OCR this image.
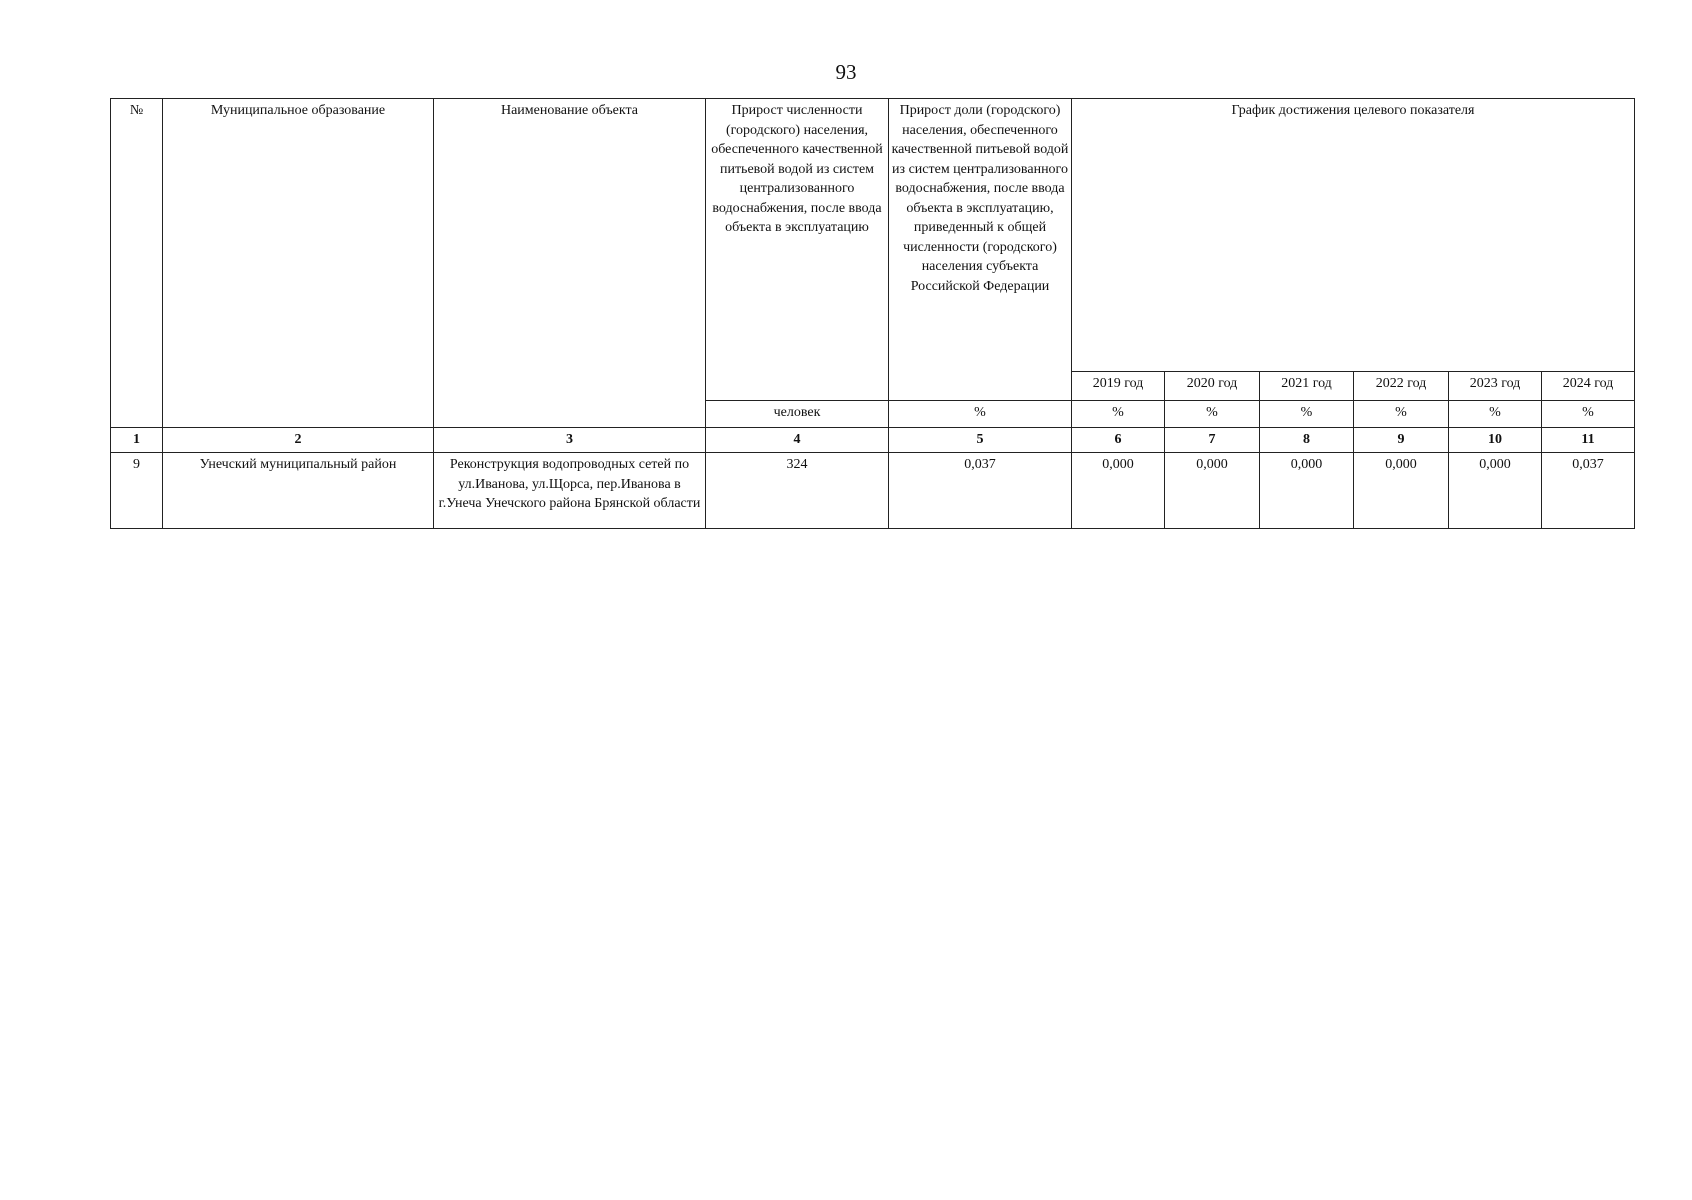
93
№	Муниципальное образование	Наименование объекта	Прирост численности (городского) населения, обеспеченного качественной питьевой водой из систем централизованного водоснабжения, после ввода объекта в эксплуатацию	Прирост доли (городского) населения, обеспеченного качественной питьевой водой из систем централизованного водоснабжения, после ввода объекта в эксплуатацию, приведенный к общей численности (городского) населения субъекта Российской Федерации	График достижения целевого показателя					
					2019 год	2020 год	2021 год	2022 год	2023 год	2024 год
			человек	%	%	%	%	%	%	%
1	2	3	4	5	6	7	8	9	10	11
9	Унечский муниципальный район	Реконструкция водопроводных сетей по ул.Иванова, ул.Щорса, пер.Иванова в г.Унеча Унечского района Брянской области	324	0,037	0,000	0,000	0,000	0,000	0,000	0,037
